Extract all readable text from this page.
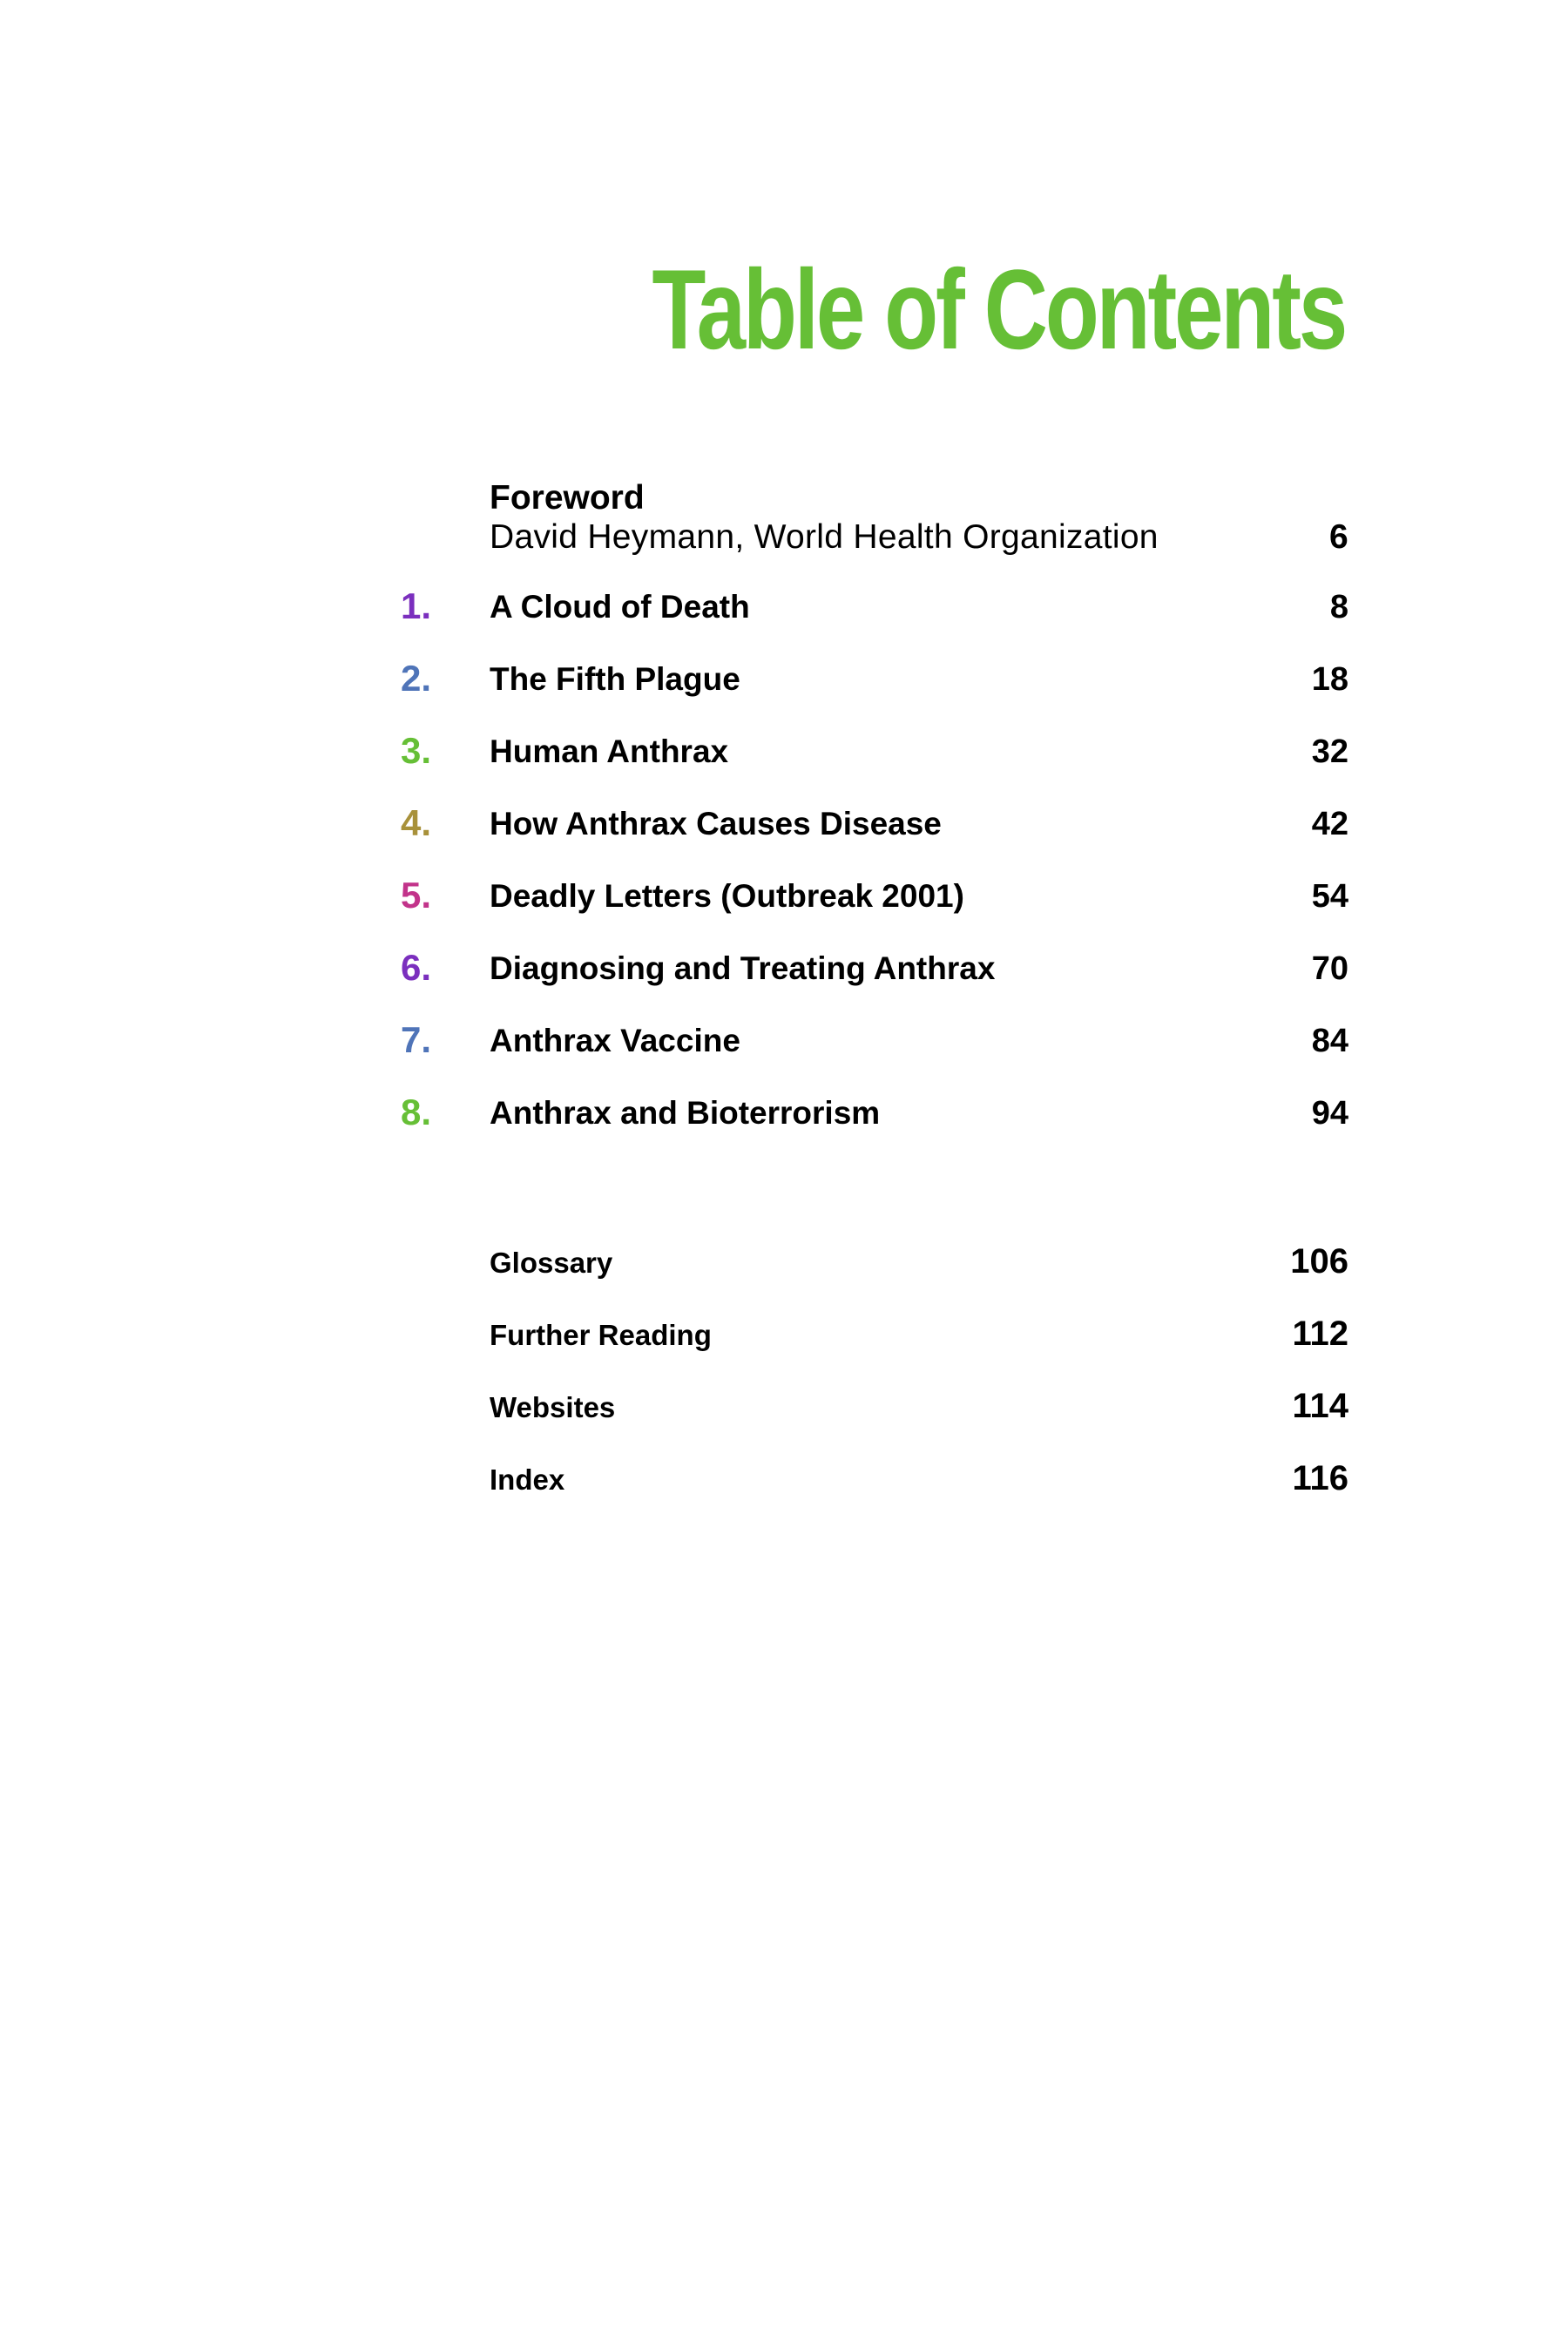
Table of Contents
Foreword
David Heymann, World Health Organization	6
1. A Cloud of Death	8
2. The Fifth Plague	18
3. Human Anthrax	32
4. How Anthrax Causes Disease	42
5. Deadly Letters (Outbreak 2001)	54
6. Diagnosing and Treating Anthrax	70
7. Anthrax Vaccine	84
8. Anthrax and Bioterrorism	94
Glossary	106
Further Reading	112
Websites	114
Index	116
